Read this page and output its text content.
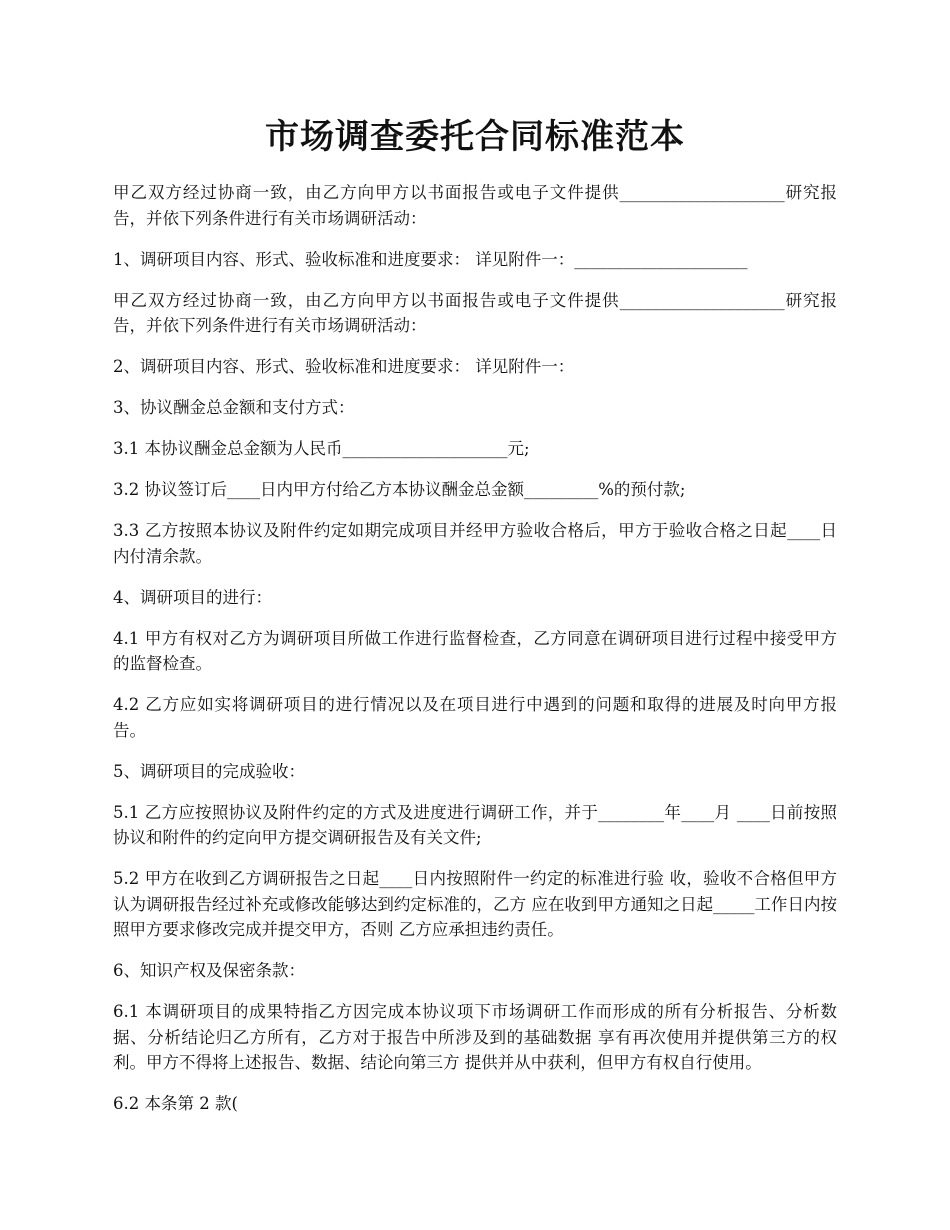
市场调查委托合同标准范本

甲乙双方经过协商一致，由乙方向甲方以书面报告或电子文件提供____________________研究报告，并依下列条件进行有关市场调研活动：

1、调研项目内容、形式、验收标准和进度要求： 详见附件一：_____________________

甲乙双方经过协商一致，由乙方向甲方以书面报告或电子文件提供____________________研究报告，并依下列条件进行有关市场调研活动：

2、调研项目内容、形式、验收标准和进度要求： 详见附件一：

3、协议酬金总金额和支付方式：

3.1 本协议酬金总金额为人民币____________________元;

3.2 协议签订后____日内甲方付给乙方本协议酬金总金额_________%的预付款;

3.3 乙方按照本协议及附件约定如期完成项目并经甲方验收合格后，甲方于验收合格之日起____日内付清余款。

4、调研项目的进行：

4.1 甲方有权对乙方为调研项目所做工作进行监督检查，乙方同意在调研项目进行过程中接受甲方的监督检查。

4.2 乙方应如实将调研项目的进行情况以及在项目进行中遇到的问题和取得的进展及时向甲方报告。

5、调研项目的完成验收：

5.1 乙方应按照协议及附件约定的方式及进度进行调研工作，并于________年____月 ____日前按照协议和附件的约定向甲方提交调研报告及有关文件;

5.2 甲方在收到乙方调研报告之日起____日内按照附件一约定的标准进行验 收，验收不合格但甲方认为调研报告经过补充或修改能够达到约定标准的，乙方 应在收到甲方通知之日起_____工作日内按照甲方要求修改完成并提交甲方，否则 乙方应承担违约责任。

6、知识产权及保密条款：

6.1 本调研项目的成果特指乙方因完成本协议项下市场调研工作而形成的所有分析报告、分析数据、分析结论归乙方所有，乙方对于报告中所涉及到的基础数据 享有再次使用并提供第三方的权利。甲方不得将上述报告、数据、结论向第三方 提供并从中获利，但甲方有权自行使用。

6.2 本条第 2 款(
